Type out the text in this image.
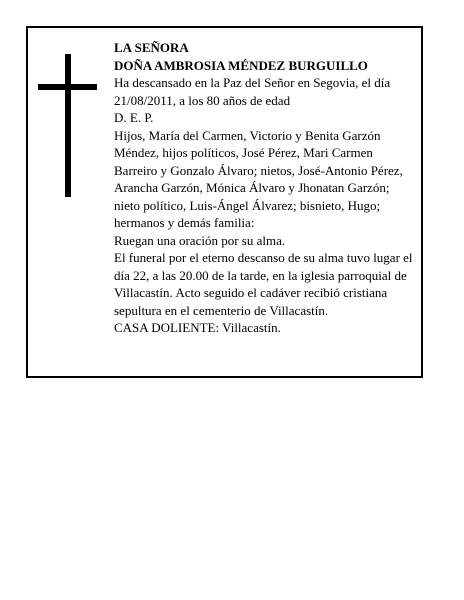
LA SEÑORA

DOÑA AMBROSIA MÉNDEZ BURGUILLO

Ha descansado en la Paz del Señor en Segovia, el día 21/08/2011, a los 80 años de edad

D. E. P.

Hijos, María del Carmen, Victorio y Benita Garzón Méndez, hijos políticos, José Pérez, Mari Carmen Barreiro y Gonzalo Álvaro; nietos, José-Antonio Pérez, Arancha Garzón, Mónica Álvaro y Jhonatan Garzón; nieto político, Luis-Ángel Álvarez; bisnieto, Hugo; hermanos y demás familia:

Ruegan una oración por su alma.

El funeral por el eterno descanso de su alma tuvo lugar el día 22, a las 20.00 de la tarde, en la iglesia parroquial de Villacastín. Acto seguido el cadáver recibió cristiana sepultura en el cementerio de Villacastín.

CASA DOLIENTE: Villacastín.
